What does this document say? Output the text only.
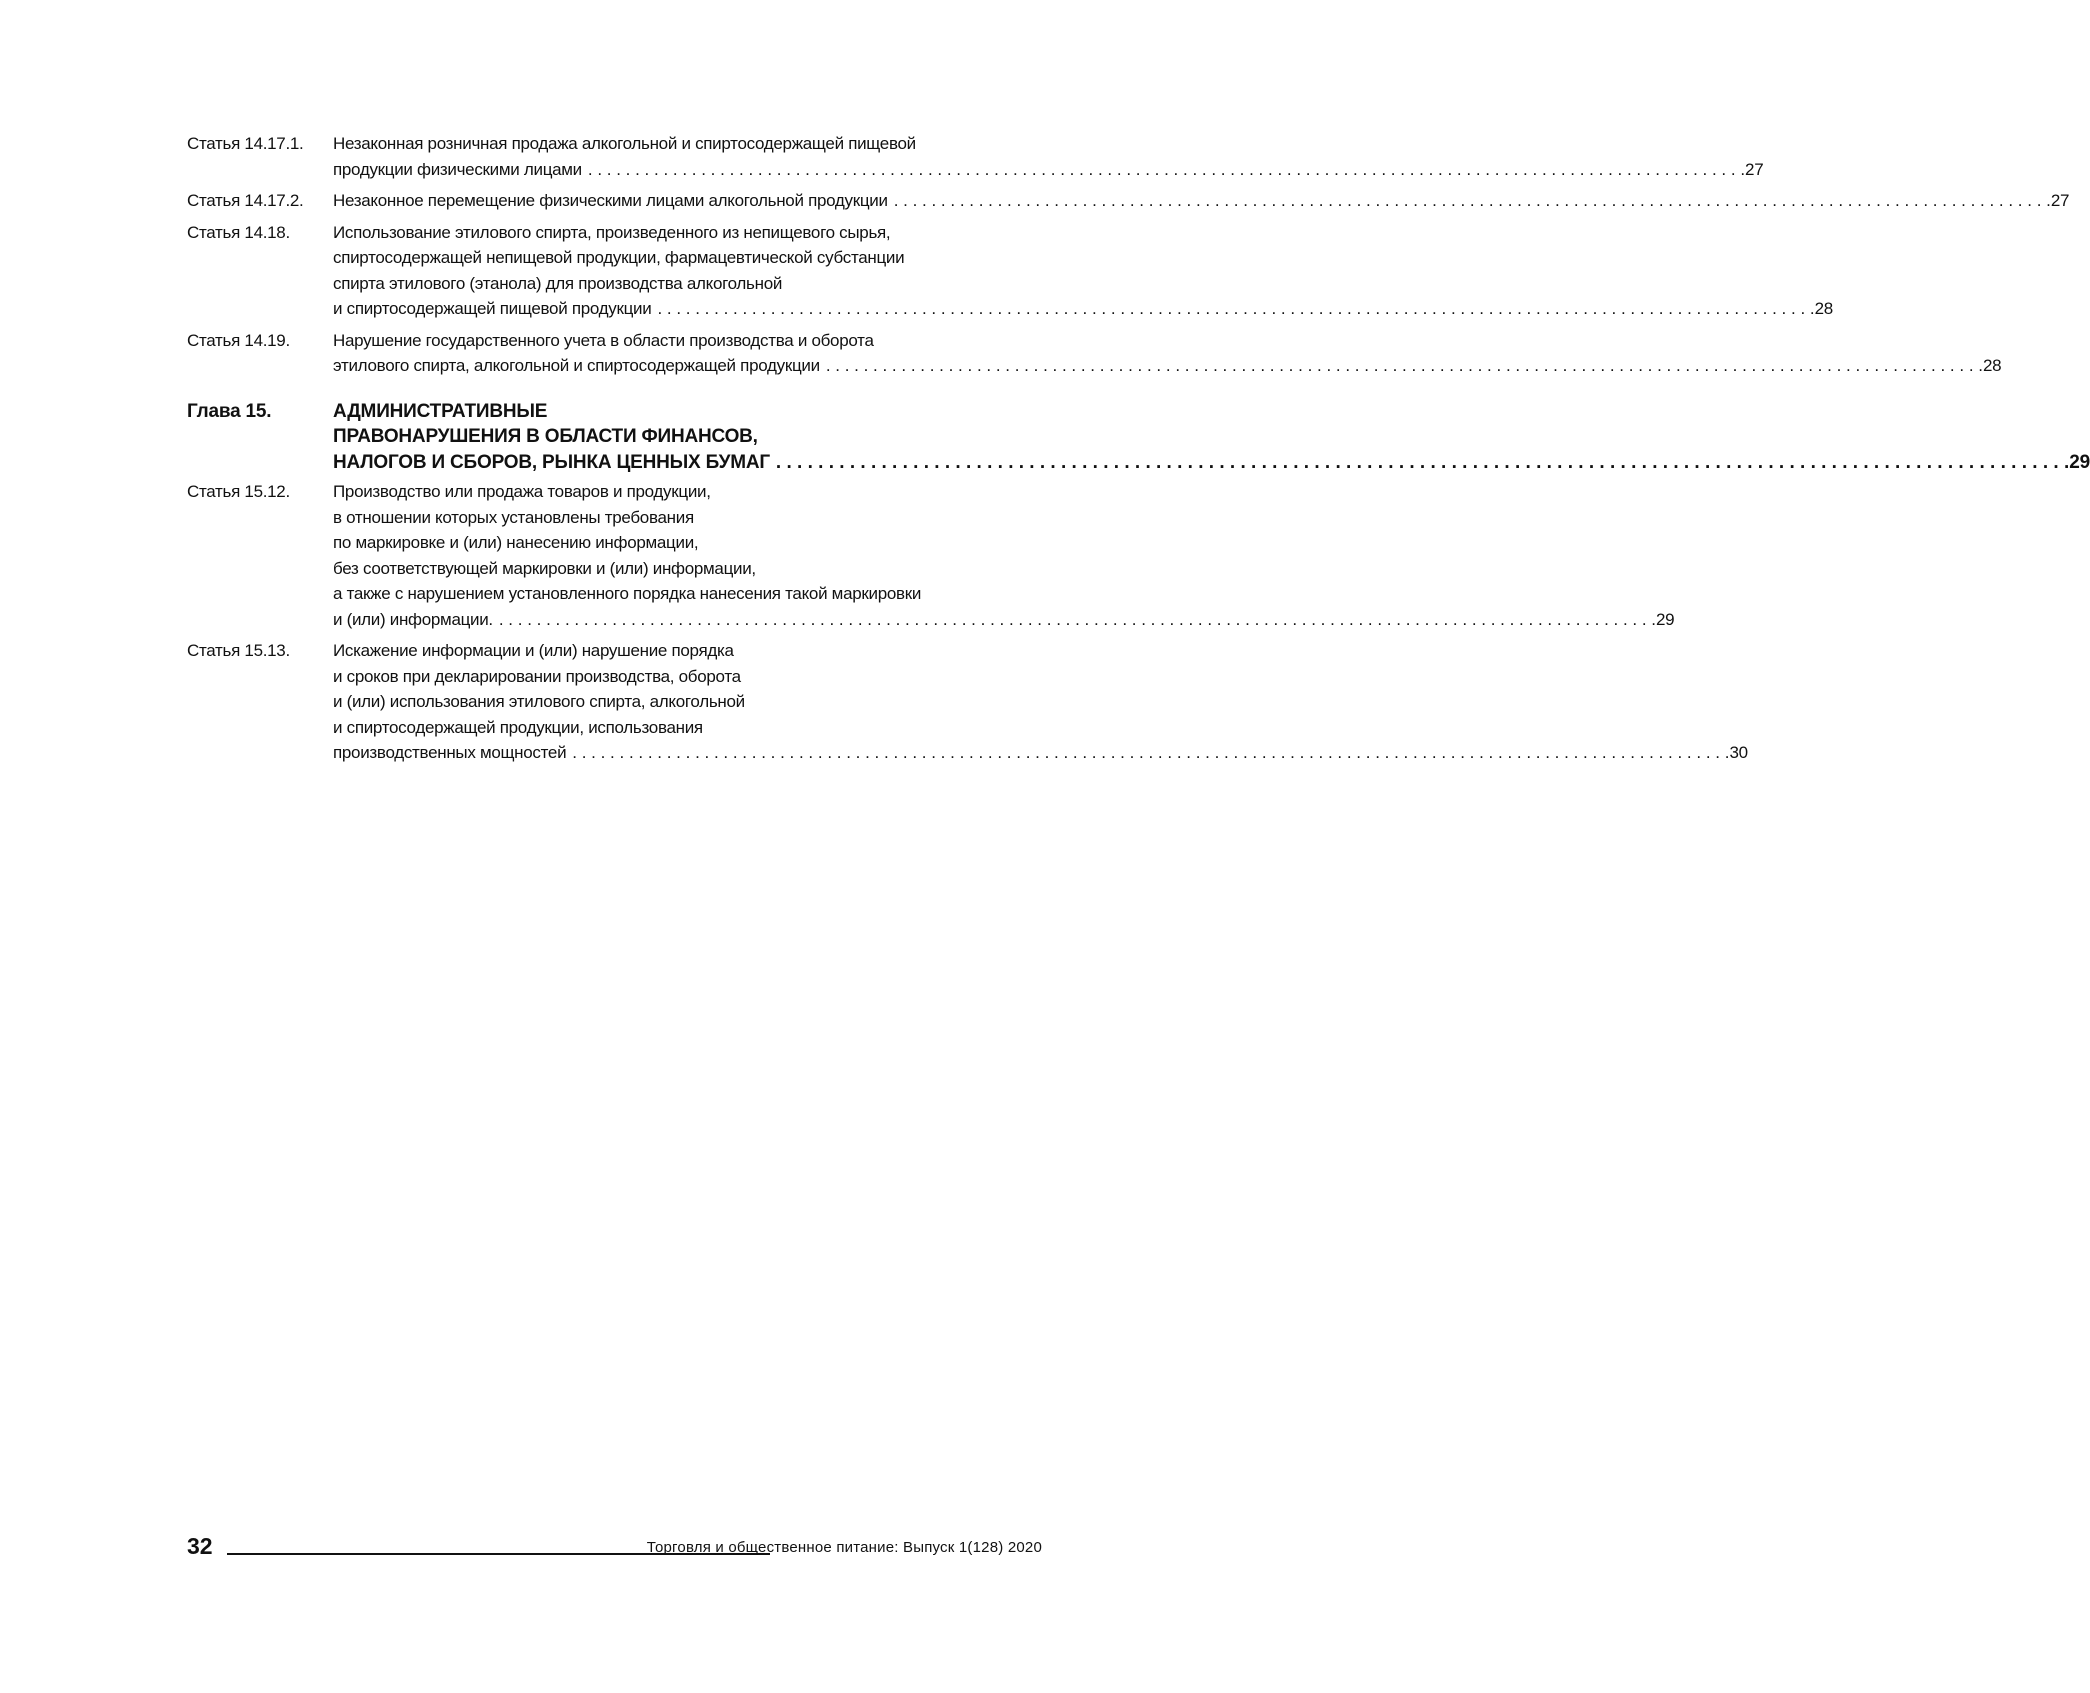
Статья 14.17.1.	Незаконная розничная продажа алкогольной и спиртосодержащей пищевой
продукции физическими лицами . . .	27
Статья 14.17.2.	Незаконное перемещение физическими лицами алкогольной продукции . . .	27
Статья 14.18.	Использование этилового спирта, произведенного из непищевого сырья,
спиртосодержащей непищевой продукции, фармацевтической субстанции
спирта этилового (этанола) для производства алкогольной
и спиртосодержащей пищевой продукции . . .	28
Статья 14.19.	Нарушение государственного учета в области производства и оборота
этилового спирта, алкогольной и спиртосодержащей продукции . . .	28
Глава 15.	АДМИНИСТРАТИВНЫЕ
ПРАВОНАРУШЕНИЯ В ОБЛАСТИ ФИНАНСОВ,
НАЛОГОВ И СБОРОВ, РЫНКА ЦЕННЫХ БУМАГ . . .	29
Статья 15.12.	Производство или продажа товаров и продукции,
в отношении которых установлены требования
по маркировке и (или) нанесению информации,
без соответствующей маркировки и (или) информации,
а также с нарушением установленного порядка нанесения такой маркировки
и (или) информации. . . .	29
Статья 15.13.	Искажение информации и (или) нарушение порядка
и сроков при декларировании производства, оборота
и (или) использования этилового спирта, алкогольной
и спиртосодержащей продукции, использования
производственных мощностей . . .	30
32	Торговля и общественное питание: Выпуск 1(128) 2020
